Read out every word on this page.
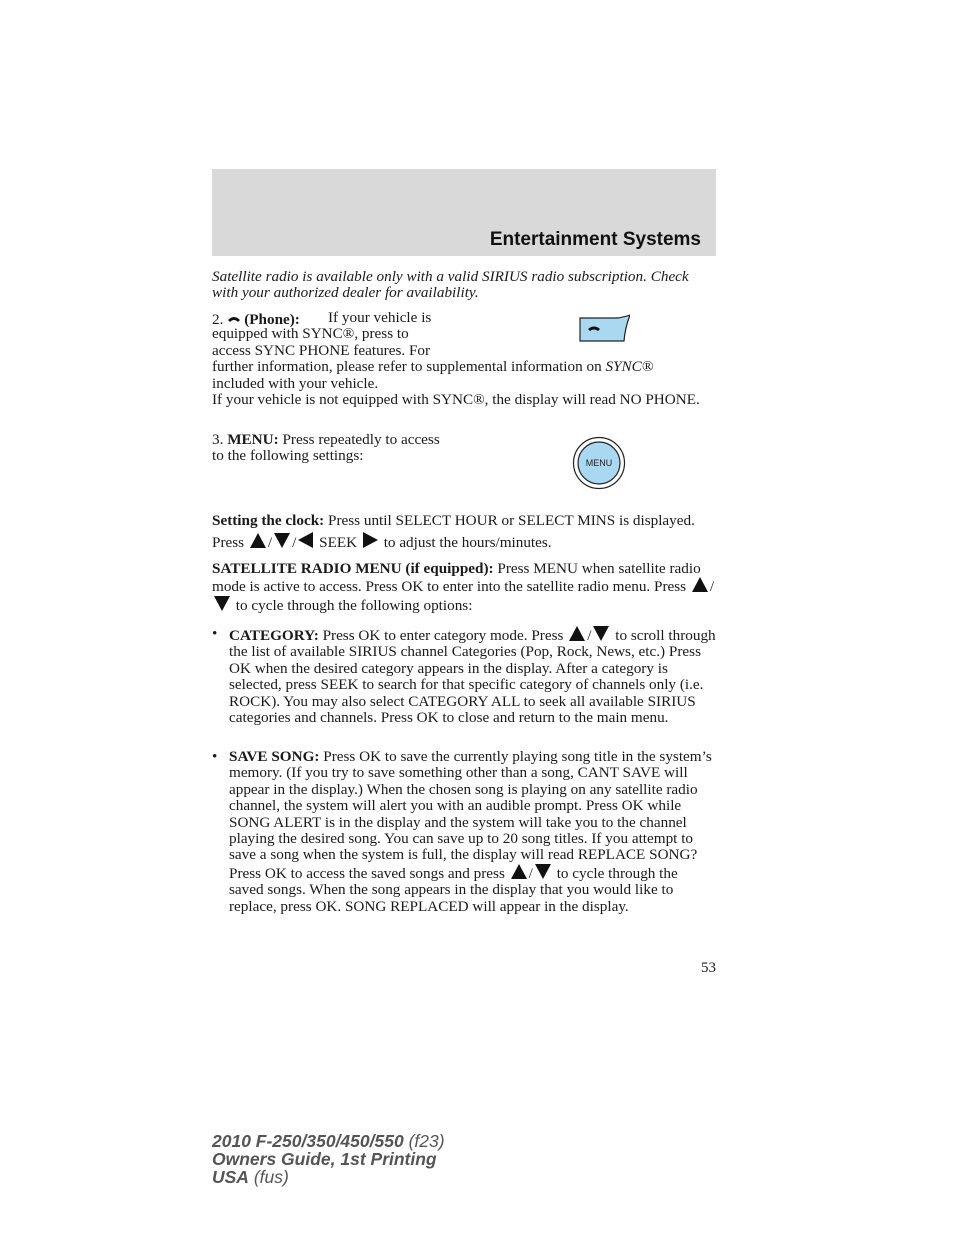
Entertainment Systems
MENU

Satellite radio is available only with a valid SIRIUS radio subscription. Check with your authorized dealer for availability.

2. (Phone):	If your vehicle is
equipped with SYNC®, press to
access SYNC PHONE features. For
further information, please refer to supplemental information on SYNC®
included with your vehicle.
If your vehicle is not equipped with SYNC®, the display will read NO PHONE.
3. MENU: Press repeatedly to access to the following settings:
Setting the clock: Press until SELECT HOUR or SELECT MINS is displayed. Press / / SEEK to adjust the hours/minutes.
SATELLITE RADIO MENU (if equipped): Press MENU when satellite radio mode is active to access. Press OK to enter into the satellite radio menu. Press / to cycle through the following options:
• CATEGORY: Press OK to enter category mode. Press / to scroll through the list of available SIRIUS channel Categories (Pop, Rock, News, etc.) Press OK when the desired category appears in the display. After a category is selected, press SEEK to search for that specific category of channels only (i.e. ROCK). You may also select CATEGORY ALL to seek all available SIRIUS categories and channels. Press OK to close and return to the main menu.
• SAVE SONG: Press OK to save the currently playing song title in the system’s memory. (If you try to save something other than a song, CANT SAVE will appear in the display.) When the chosen song is playing on any satellite radio channel, the system will alert you with an audible prompt. Press OK while SONG ALERT is in the display and the system will take you to the channel playing the desired song. You can save up to 20 song titles. If you attempt to save a song when the system is full, the display will read REPLACE SONG? Press OK to access the saved songs and press / to cycle through the saved songs. When the song appears in the display that you would like to replace, press OK. SONG REPLACED will appear in the display.
53
2010 F-250/350/450/550 (f23)
Owners Guide, 1st Printing
USA (fus)
